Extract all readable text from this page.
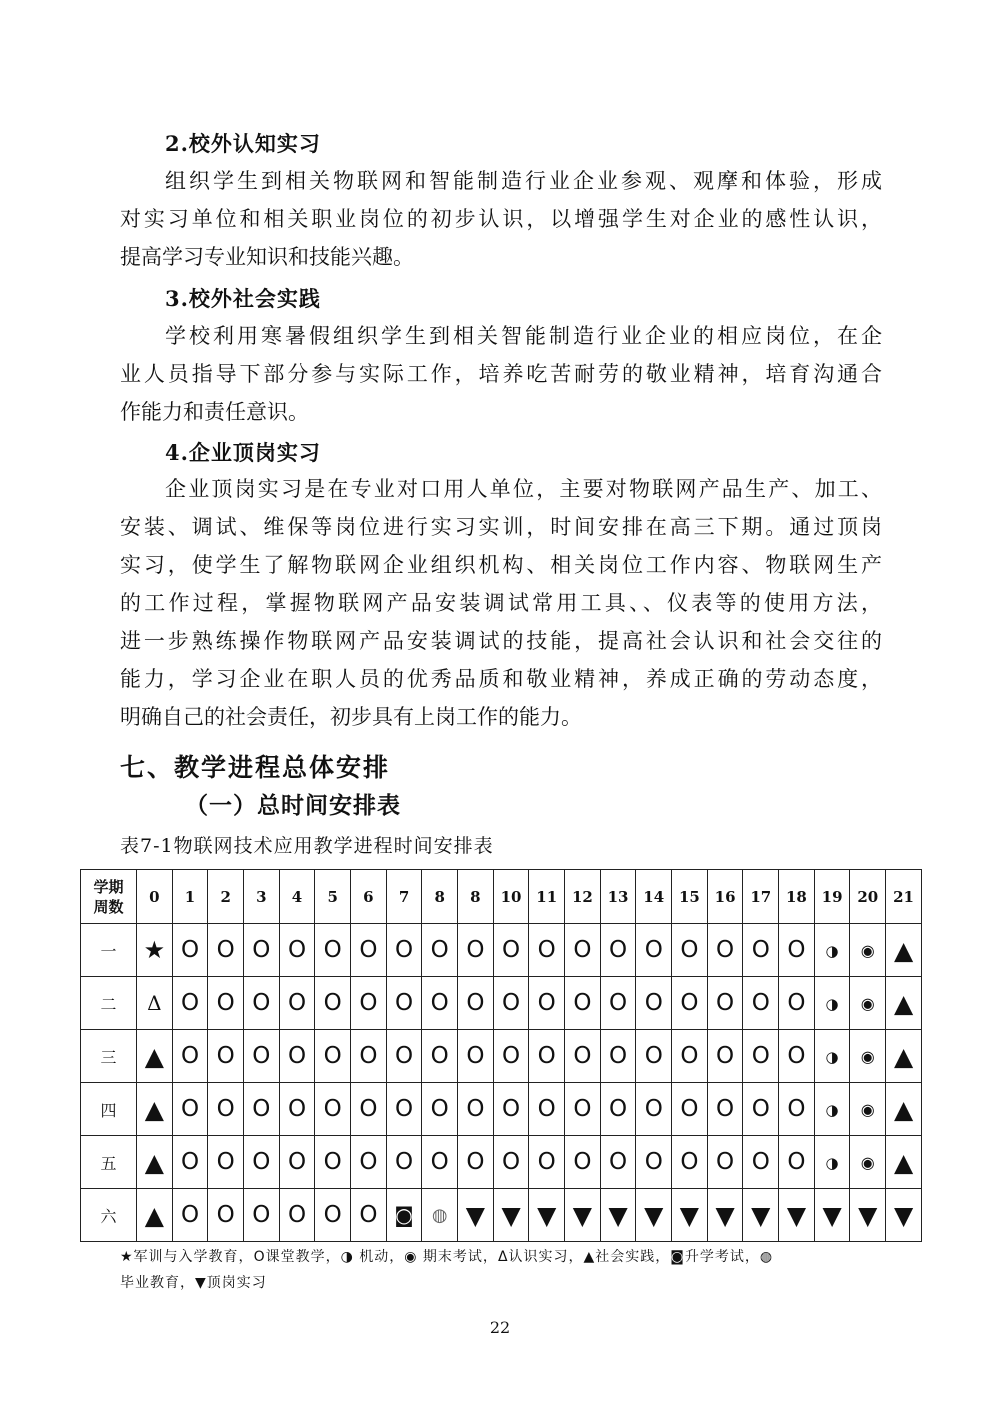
2.校外认知实习
组织学生到相关物联网和智能制造行业企业参观、观摩和体验，形成
对实习单位和相关职业岗位的初步认识，以增强学生对企业的感性认识，
提高学习专业知识和技能兴趣。
3.校外社会实践
学校利用寒暑假组织学生到相关智能制造行业企业的相应岗位，在企
业人员指导下部分参与实际工作，培养吃苦耐劳的敬业精神，培育沟通合
作能力和责任意识。
4.企业顶岗实习
企业顶岗实习是在专业对口用人单位，主要对物联网产品生产、加工、
安装、调试、维保等岗位进行实习实训，时间安排在高三下期。通过顶岗
实习，使学生了解物联网企业组织机构、相关岗位工作内容、物联网生产
的工作过程，掌握物联网产品安装调试常用工具、、仪表等的使用方法，
进一步熟练操作物联网产品安装调试的技能，提高社会认识和社会交往的
能力，学习企业在职人员的优秀品质和敬业精神，养成正确的劳动态度，
明确自己的社会责任，初步具有上岗工作的能力。
七、教学进程总体安排
（一）总时间安排表
表7-1物联网技术应用教学进程时间安排表
学期
周数	0	1	2	3	4	5	6	7	8	8	10	11	12	13	14	15	16	17	18	19	20	21
一	★	O	O	O	O	O	O	O	O	O	O	O	O	O	O	O	O	O	O	◑	◉	▲
二	Δ	O	O	O	O	O	O	O	O	O	O	O	O	O	O	O	O	O	O	◑	◉	▲
三	▲	O	O	O	O	O	O	O	O	O	O	O	O	O	O	O	O	O	O	◑	◉	▲
四	▲	O	O	O	O	O	O	O	O	O	O	O	O	O	O	O	O	O	O	◑	◉	▲
五	▲	O	O	O	O	O	O	O	O	O	O	O	O	O	O	O	O	O	O	◑	◉	▲
六	▲	O	O	O	O	O	O	◙	◍	▼	▼	▼	▼	▼	▼	▼	▼	▼	▼	▼	▼	▼
★军训与入学教育，O课堂教学，◑ 机动，◉ 期末考试，Δ认识实习，▲社会实践，◙升学考试，◍
毕业教育，▼顶岗实习
22
